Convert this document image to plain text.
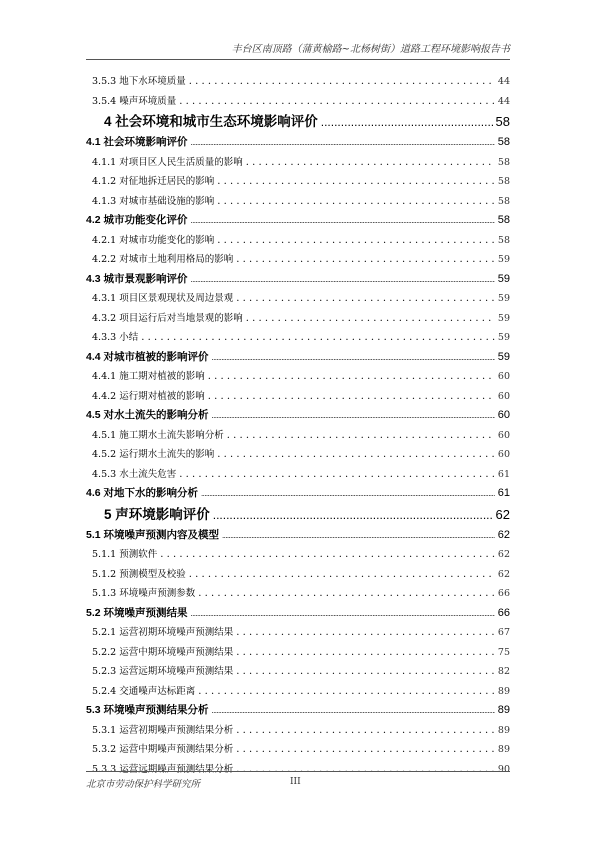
丰台区南顶路（蒲黄榆路~北杨树街）道路工程环境影响报告书
3.5.3 地下水环境质量 .....	44
3.5.4 噪声环境质量 .....	44
4 社会环境和城市生态环境影响评价 .....	58
4.1 社会环境影响评价 .....	58
4.1.1 对项目区人民生活质量的影响 .....	58
4.1.2 对征地拆迁居民的影响 .....	58
4.1.3 对城市基础设施的影响 .....	58
4.2 城市功能变化评价 .....	58
4.2.1 对城市功能变化的影响 .....	58
4.2.2 对城市土地利用格局的影响 .....	59
4.3 城市景观影响评价 .....	59
4.3.1 项目区景观现状及周边景观 .....	59
4.3.2 项目运行后对当地景观的影响 .....	59
4.3.3 小结 .....	59
4.4 对城市植被的影响评价 .....	59
4.4.1 施工期对植被的影响 .....	60
4.4.2 运行期对植被的影响 .....	60
4.5 对水土流失的影响分析 .....	60
4.5.1 施工期水土流失影响分析 .....	60
4.5.2 运行期水土流失的影响 .....	60
4.5.3 水土流失危害 .....	61
4.6 对地下水的影响分析 .....	61
5 声环境影响评价 .....	62
5.1 环境噪声预测内容及模型 .....	62
5.1.1 预测软件 .....	62
5.1.2 预测模型及校验 .....	62
5.1.3 环境噪声预测参数 .....	66
5.2 环境噪声预测结果 .....	66
5.2.1 运营初期环境噪声预测结果 .....	67
5.2.2 运营中期环境噪声预测结果 .....	75
5.2.3 运营远期环境噪声预测结果 .....	82
5.2.4 交通噪声达标距离 .....	89
5.3 环境噪声预测结果分析 .....	89
5.3.1 运营初期噪声预测结果分析 .....	89
5.3.2 运营中期噪声预测结果分析 .....	89
5.3.3 运营远期噪声预测结果分析 .....	90
北京市劳动保护科学研究所	III
